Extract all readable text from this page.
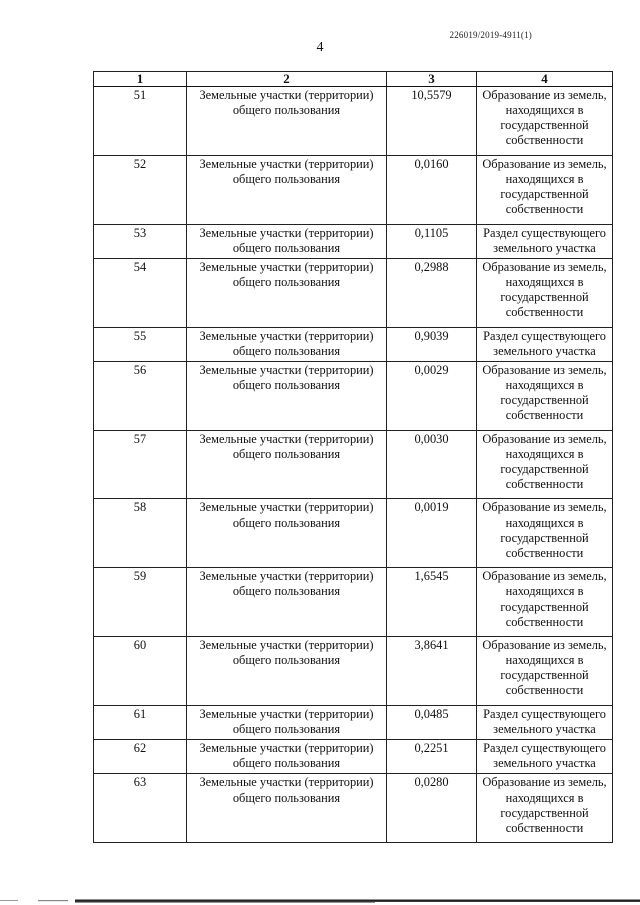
226019/2019-4911(1)
4
1	2	3	4
51	Земельные участки (территории) общего пользования	10,5579	Образование из земель, находящихся в государственной собственности
52	Земельные участки (территории) общего пользования	0,0160	Образование из земель, находящихся в государственной собственности
53	Земельные участки (территории) общего пользования	0,1105	Раздел существующего земельного участка
54	Земельные участки (территории) общего пользования	0,2988	Образование из земель, находящихся в государственной собственности
55	Земельные участки (территории) общего пользования	0,9039	Раздел существующего земельного участка
56	Земельные участки (территории) общего пользования	0,0029	Образование из земель, находящихся в государственной собственности
57	Земельные участки (территории) общего пользования	0,0030	Образование из земель, находящихся в государственной собственности
58	Земельные участки (территории) общего пользования	0,0019	Образование из земель, находящихся в государственной собственности
59	Земельные участки (территории) общего пользования	1,6545	Образование из земель, находящихся в государственной собственности
60	Земельные участки (территории) общего пользования	3,8641	Образование из земель, находящихся в государственной собственности
61	Земельные участки (территории) общего пользования	0,0485	Раздел существующего земельного участка
62	Земельные участки (территории) общего пользования	0,2251	Раздел существующего земельного участка
63	Земельные участки (территории) общего пользования	0,0280	Образование из земель, находящихся в государственной собственности
